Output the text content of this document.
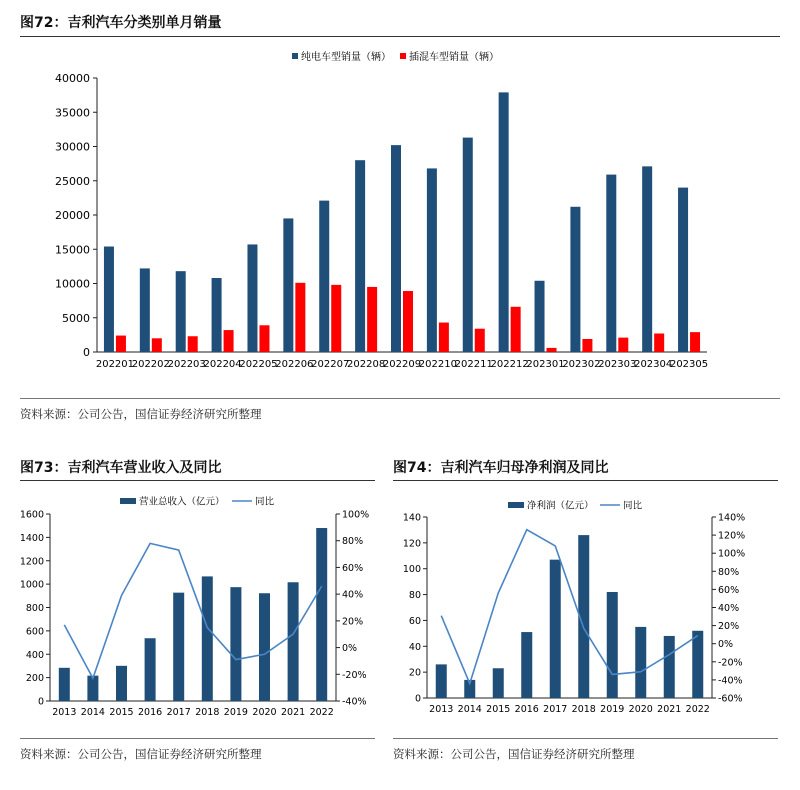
图72：吉利汽车分类别单月销量
0
5000
10000
15000
20000
25000
30000
35000
40000
202201
202202
202203
202204
202205
202206
202207
202208
202209
202210
202211
202212
202301
202302
202303
202304
202305
纯电车型销量（辆） 插混车型销量（辆）
资料来源：公司公告，国信证券经济研究所整理
图73：吉利汽车营业收入及同比
0
200
400
600
800
1000
1200
1400
1600
-40%
-20%
0%
20%
40%
60%
80%
100%
2013 2014 2015 2016 2017 2018 2019 2020 2021 2022
营业总收入（亿元）	同比
资料来源：公司公告，国信证券经济研究所整理
图74：吉利汽车归母净利润及同比
0
20
40
60
80
100
120
140
-60%
-40%
-20%
0%
20%
40%
60%
80%
100%
120%
140%
2013 2014 2015 2016 2017 2018 2019 2020 2021 2022
净利润（亿元）	同比
资料来源：公司公告，国信证券经济研究所整理
